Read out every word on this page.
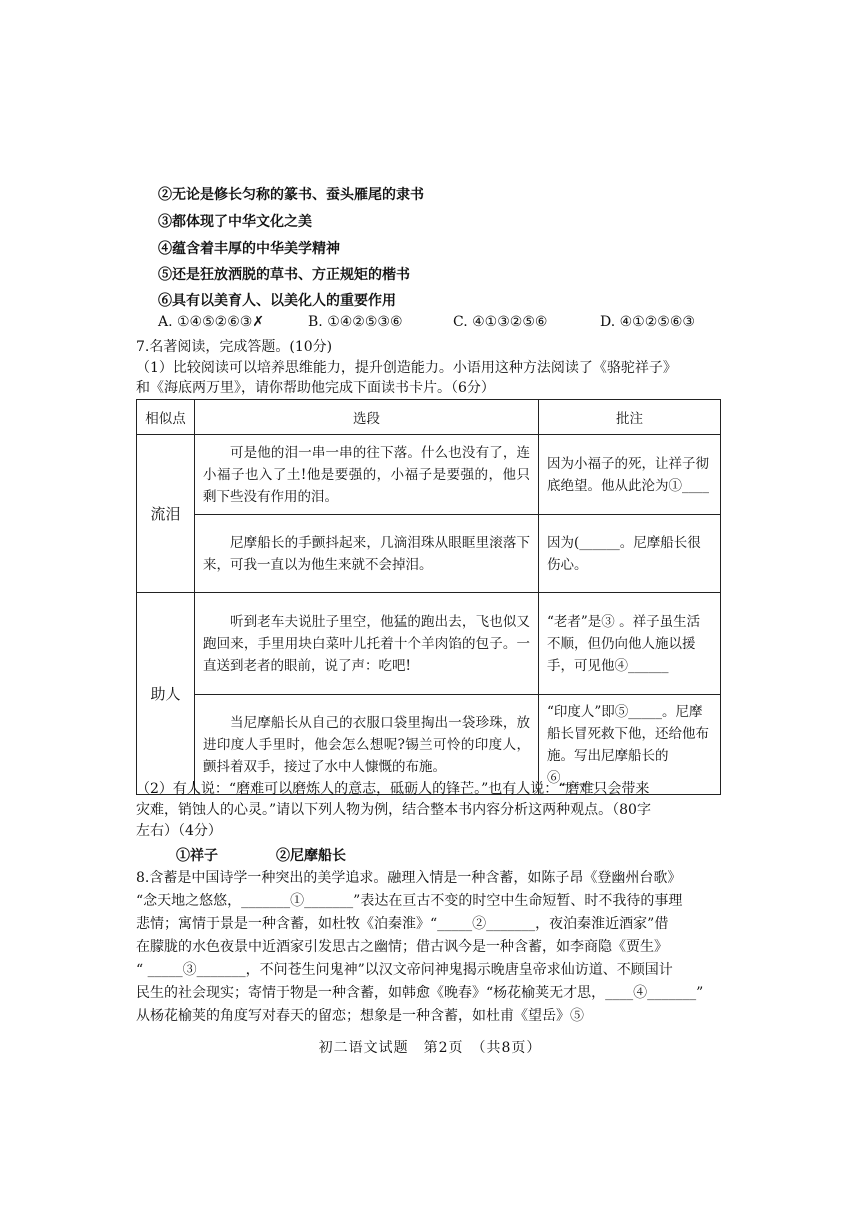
②无论是修长匀称的篆书、蚕头雁尾的隶书
③都体现了中华文化之美
④蕴含着丰厚的中华美学精神
⑤还是狂放洒脱的草书、方正规矩的楷书
⑥具有以美育人、以美化人的重要作用
A. ①④⑤②⑥③✗	B. ①④②⑤③⑥	C. ④①③②⑤⑥	D. ④①②⑤⑥③
7.名著阅读，完成答题。(10分)
（1）比较阅读可以培养思维能力，提升创造能力。小语用这种方法阅读了《骆驼祥子》
和《海底两万里》，请你帮助他完成下面读书卡片。（6分）
相似点	选段	批注
流泪	可是他的泪一串一串的往下落。什么也没有了，连小福子也入了土!他是要强的，小福子是要强的，他只剩下些没有作用的泪。	因为小福子的死，让祥子彻底绝望。他从此沦为①____
	尼摩船长的手颤抖起来，几滴泪珠从眼眶里滚落下来，可我一直以为他生来就不会掉泪。	因为(______。尼摩船长很伤心。
助人	听到老车夫说肚子里空，他猛的跑出去，飞也似又跑回来，手里用块白菜叶儿托着十个羊肉馅的包子。一直送到老者的眼前，说了声：吃吧!	“老者”是③ 。祥子虽生活不顺，但仍向他人施以援手，可见他④______
	当尼摩船长从自己的衣服口袋里掏出一袋珍珠，放进印度人手里时，他会怎么想呢?锡兰可怜的印度人，颤抖着双手，接过了水中人慷慨的布施。	“印度人”即⑤_____。尼摩船长冒死救下他，还给他布施。写出尼摩船长的⑥_____
（2）有人说：“磨难可以磨炼人的意志，砥砺人的锋芒。”也有人说：“磨难只会带来
灾难，销蚀人的心灵。”请以下列人物为例，结合整本书内容分析这两种观点。（80字
左右）（4分）
①祥子	②尼摩船长
8.含蓄是中国诗学一种突出的美学追求。融理入情是一种含蓄，如陈子昂《登幽州台歌》
“念天地之悠悠，_______①_______”表达在亘古不变的时空中生命短暂、时不我待的事理
悲情；寓情于景是一种含蓄，如杜牧《泊秦淮》“_____②_______，夜泊秦淮近酒家”借
在朦胧的水色夜景中近酒家引发思古之幽情；借古讽今是一种含蓄，如李商隐《贾生》
“ _____③_______，不问苍生问鬼神”以汉文帝问神鬼揭示晚唐皇帝求仙访道、不顾国计
民生的社会现实；寄情于物是一种含蓄，如韩愈《晚春》“杨花榆荚无才思，____④_______”
从杨花榆荚的角度写对春天的留恋；想象是一种含蓄，如杜甫《望岳》⑤
初二语文试题　第2页　（共8页）
